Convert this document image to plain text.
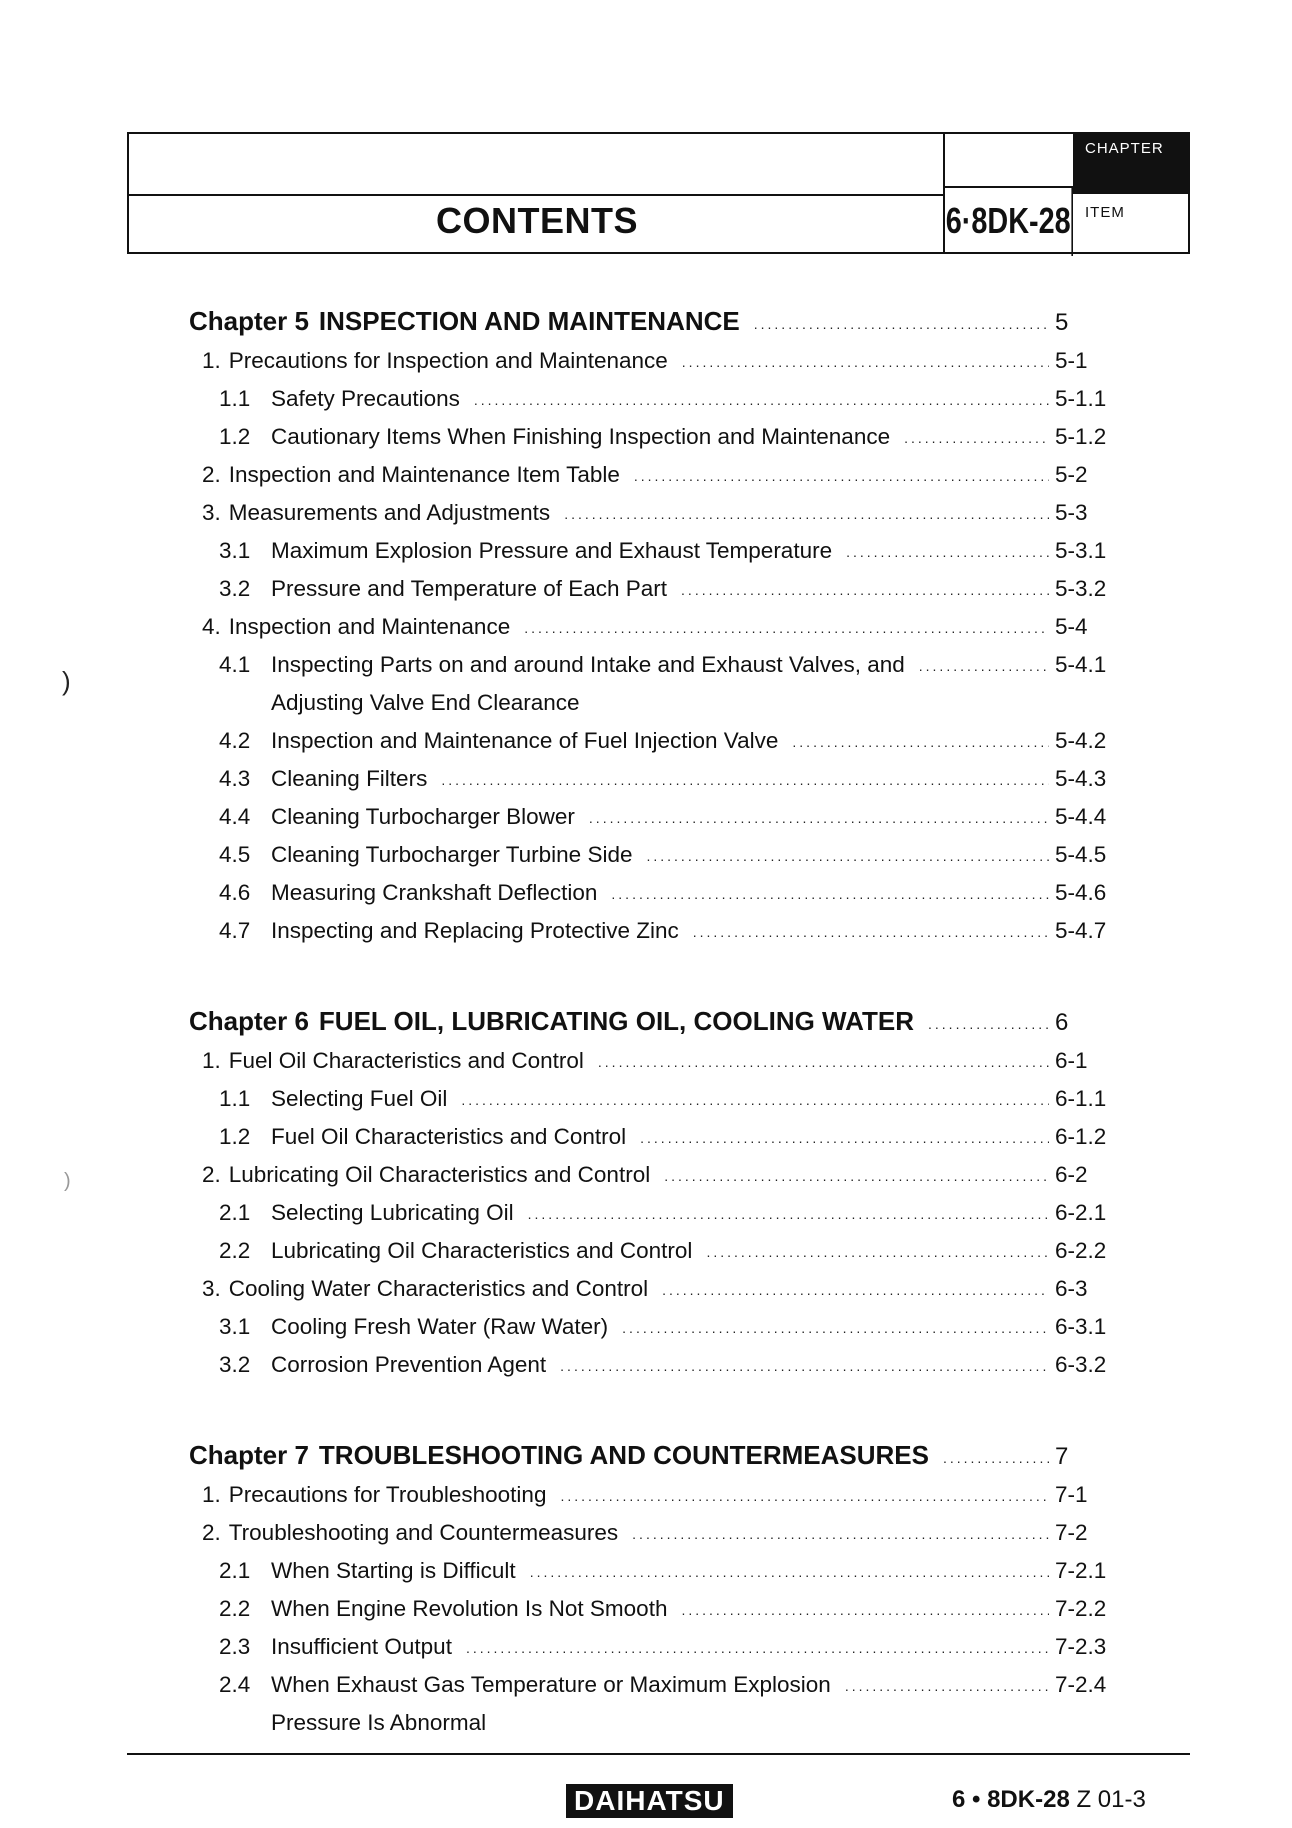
CONTENTS	6·8DK-28
CHAPTER
ITEM
Chapter 5 INSPECTION AND MAINTENANCE .....	5
1. Precautions for Inspection and Maintenance .....	5-1
1.1 Safety Precautions .....	5-1.1
1.2 Cautionary Items When Finishing Inspection and Maintenance .....	5-1.2
2. Inspection and Maintenance Item Table .....	5-2
3. Measurements and Adjustments .....	5-3
3.1 Maximum Explosion Pressure and Exhaust Temperature .....	5-3.1
3.2 Pressure and Temperature of Each Part .....	5-3.2
4. Inspection and Maintenance .....	5-4
4.1 Inspecting Parts on and around Intake and Exhaust Valves, and .....	5-4.1
Adjusting Valve End Clearance
4.2 Inspection and Maintenance of Fuel Injection Valve .....	5-4.2
4.3 Cleaning Filters .....	5-4.3
4.4 Cleaning Turbocharger Blower .....	5-4.4
4.5 Cleaning Turbocharger Turbine Side .....	5-4.5
4.6 Measuring Crankshaft Deflection .....	5-4.6
4.7 Inspecting and Replacing Protective Zinc .....	5-4.7
Chapter 6 FUEL OIL, LUBRICATING OIL, COOLING WATER .....	6
1. Fuel Oil Characteristics and Control .....	6-1
1.1 Selecting Fuel Oil .....	6-1.1
1.2 Fuel Oil Characteristics and Control .....	6-1.2
2. Lubricating Oil Characteristics and Control .....	6-2
2.1 Selecting Lubricating Oil .....	6-2.1
2.2 Lubricating Oil Characteristics and Control .....	6-2.2
3. Cooling Water Characteristics and Control .....	6-3
3.1 Cooling Fresh Water (Raw Water) .....	6-3.1
3.2 Corrosion Prevention Agent .....	6-3.2
Chapter 7 TROUBLESHOOTING AND COUNTERMEASURES .....	7
1. Precautions for Troubleshooting .....	7-1
2. Troubleshooting and Countermeasures .....	7-2
2.1 When Starting is Difficult .....	7-2.1
2.2 When Engine Revolution Is Not Smooth .....	7-2.2
2.3 Insufficient Output .....	7-2.3
2.4 When Exhaust Gas Temperature or Maximum Explosion .....	7-2.4
Pressure Is Abnormal
)
)
DAIHATSU	6 • 8DK-28 Z 01-3
